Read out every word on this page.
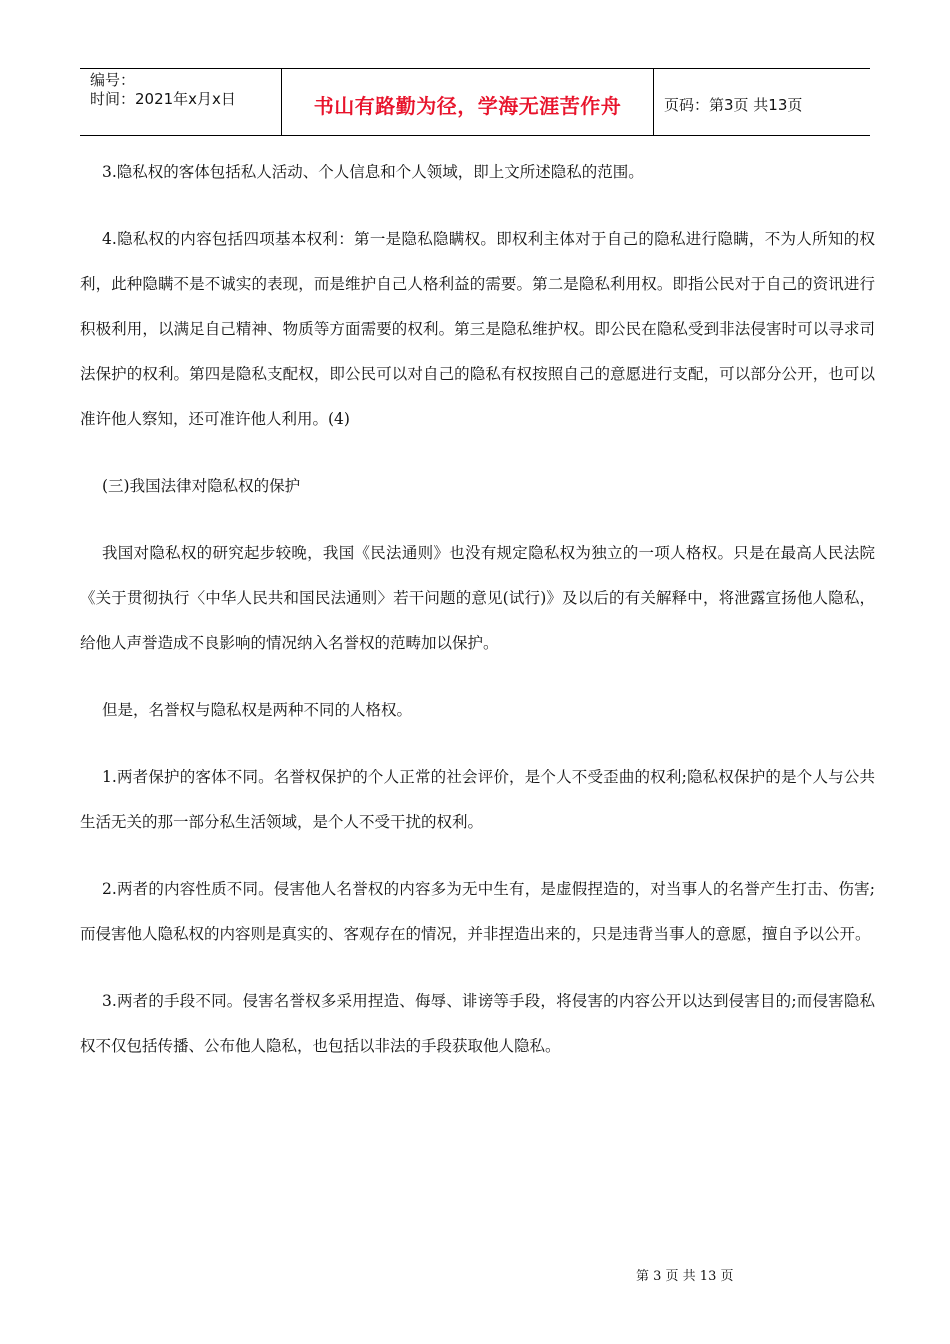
编号：
时间：2021年x月x日	书山有路勤为径，学海无涯苦作舟	页码：第3页 共13页

3.隐私权的客体包括私人活动、个人信息和个人领域，即上文所述隐私的范围。

4.隐私权的内容包括四项基本权利：第一是隐私隐瞒权。即权利主体对于自己的隐私进行隐瞒，不为人所知的权利，此种隐瞒不是不诚实的表现，而是维护自己人格利益的需要。第二是隐私利用权。即指公民对于自己的资讯进行积极利用，以满足自己精神、物质等方面需要的权利。第三是隐私维护权。即公民在隐私受到非法侵害时可以寻求司法保护的权利。第四是隐私支配权，即公民可以对自己的隐私有权按照自己的意愿进行支配，可以部分公开，也可以准许他人察知，还可准许他人利用。(4)

(三)我国法律对隐私权的保护

我国对隐私权的研究起步较晚，我国《民法通则》也没有规定隐私权为独立的一项人格权。只是在最高人民法院《关于贯彻执行〈中华人民共和国民法通则〉若干问题的意见(试行)》及以后的有关解释中，将泄露宣扬他人隐私，给他人声誉造成不良影响的情况纳入名誉权的范畴加以保护。

但是，名誉权与隐私权是两种不同的人格权。

1.两者保护的客体不同。名誉权保护的个人正常的社会评价，是个人不受歪曲的权利;隐私权保护的是个人与公共生活无关的那一部分私生活领域，是个人不受干扰的权利。

2.两者的内容性质不同。侵害他人名誉权的内容多为无中生有，是虚假捏造的，对当事人的名誉产生打击、伤害;而侵害他人隐私权的内容则是真实的、客观存在的情况，并非捏造出来的，只是违背当事人的意愿，擅自予以公开。

3.两者的手段不同。侵害名誉权多采用捏造、侮辱、诽谤等手段，将侵害的内容公开以达到侵害目的;而侵害隐私权不仅包括传播、公布他人隐私，也包括以非法的手段获取他人隐私。

第 3 页 共 13 页
